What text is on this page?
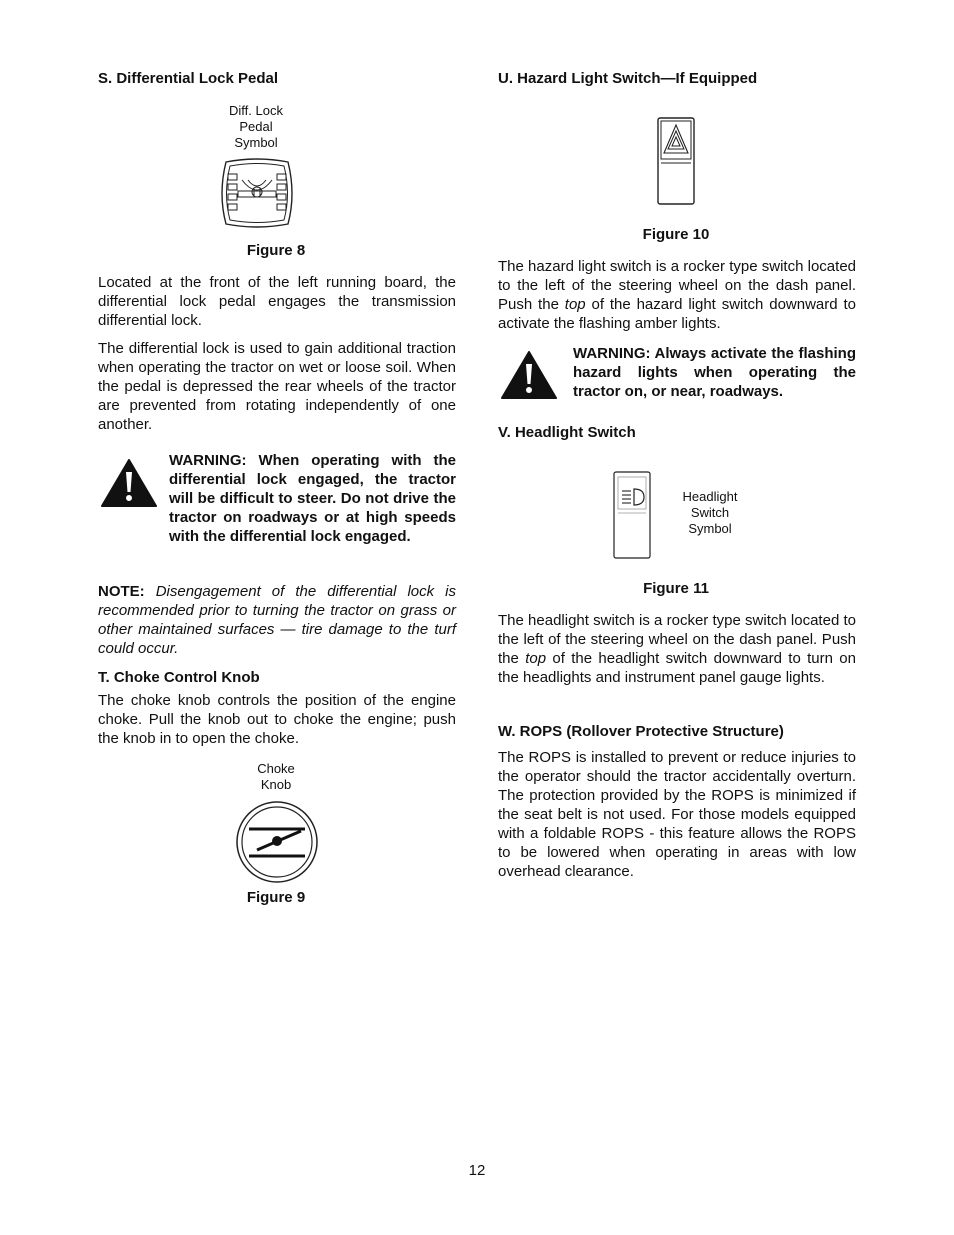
S. Differential Lock Pedal
Diff. Lock
Pedal
Symbol
Figure 8

Located at the front of the left running board, the differential lock pedal engages the transmission differential lock.

The differential lock is used to gain additional traction when operating the tractor on wet or loose soil. When the pedal is depressed the rear wheels of the tractor are prevented from rotating independently of one another.

WARNING: When operating with the differential lock engaged, the tractor will be difficult to steer. Do not drive the tractor on roadways or at high speeds with the differential lock engaged.

NOTE: Disengagement of the differential lock is recommended prior to turning the tractor on grass or other maintained surfaces — tire damage to the turf could occur.

T. Choke Control Knob

The choke knob controls the position of the engine choke. Pull the knob out to choke the engine; push the knob in to open the choke.

Choke
Knob
Figure 9
U. Hazard Light Switch—If Equipped
Figure 10

The hazard light switch is a rocker type switch located to the left of the steering wheel on the dash panel. Push the top of the hazard light switch downward to activate the flashing amber lights.

WARNING: Always activate the flashing hazard lights when operating the tractor on, or near, roadways.
V. Headlight Switch
Headlight
Switch
Symbol
Figure 11

The headlight switch is a rocker type switch located to the left of the steering wheel on the dash panel. Push the top of the headlight switch downward to turn on the headlights and instrument panel gauge lights.

W. ROPS (Rollover Protective Structure)

The ROPS is installed to prevent or reduce injuries to the operator should the tractor accidentally overturn. The protection provided by the ROPS is minimized if the seat belt is not used. For those models equipped with a foldable ROPS - this feature allows the ROPS to be lowered when operating in areas with low overhead clearance.

12
